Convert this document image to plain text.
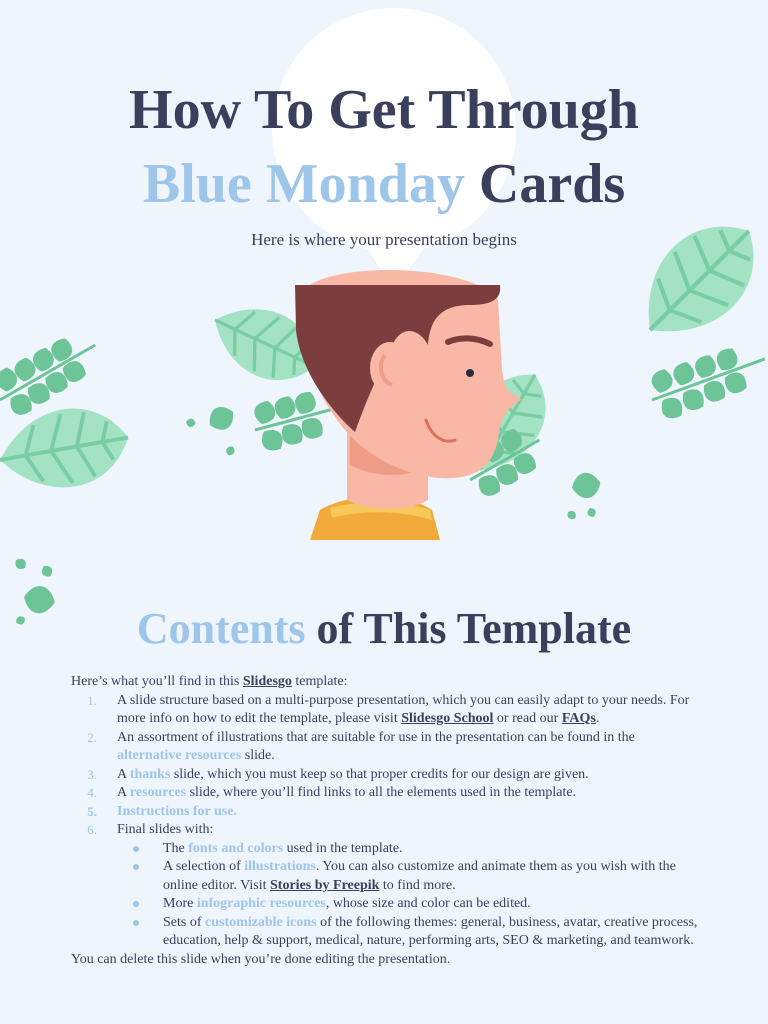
How To Get Through
Blue Monday Cards
Here is where your presentation begins
Contents of This Template

Here’s what you’ll find in this Slidesgo template:

1. A slide structure based on a multi-purpose presentation, which you can easily adapt to your needs. For more info on how to edit the template, please visit Slidesgo School or read our FAQs.
2. An assortment of illustrations that are suitable for use in the presentation can be found in the alternative resources slide.
3. A thanks slide, which you must keep so that proper credits for our design are given.
4. A resources slide, where you’ll find links to all the elements used in the template.
5. Instructions for use.
6. Final slides with:
The fonts and colors used in the template.
A selection of illustrations. You can also customize and animate them as you wish with the online editor. Visit Stories by Freepik to find more.
More infographic resources, whose size and color can be edited.
Sets of customizable icons of the following themes: general, business, avatar, creative process, education, help & support, medical, nature, performing arts, SEO & marketing, and teamwork.

You can delete this slide when you’re done editing the presentation.
